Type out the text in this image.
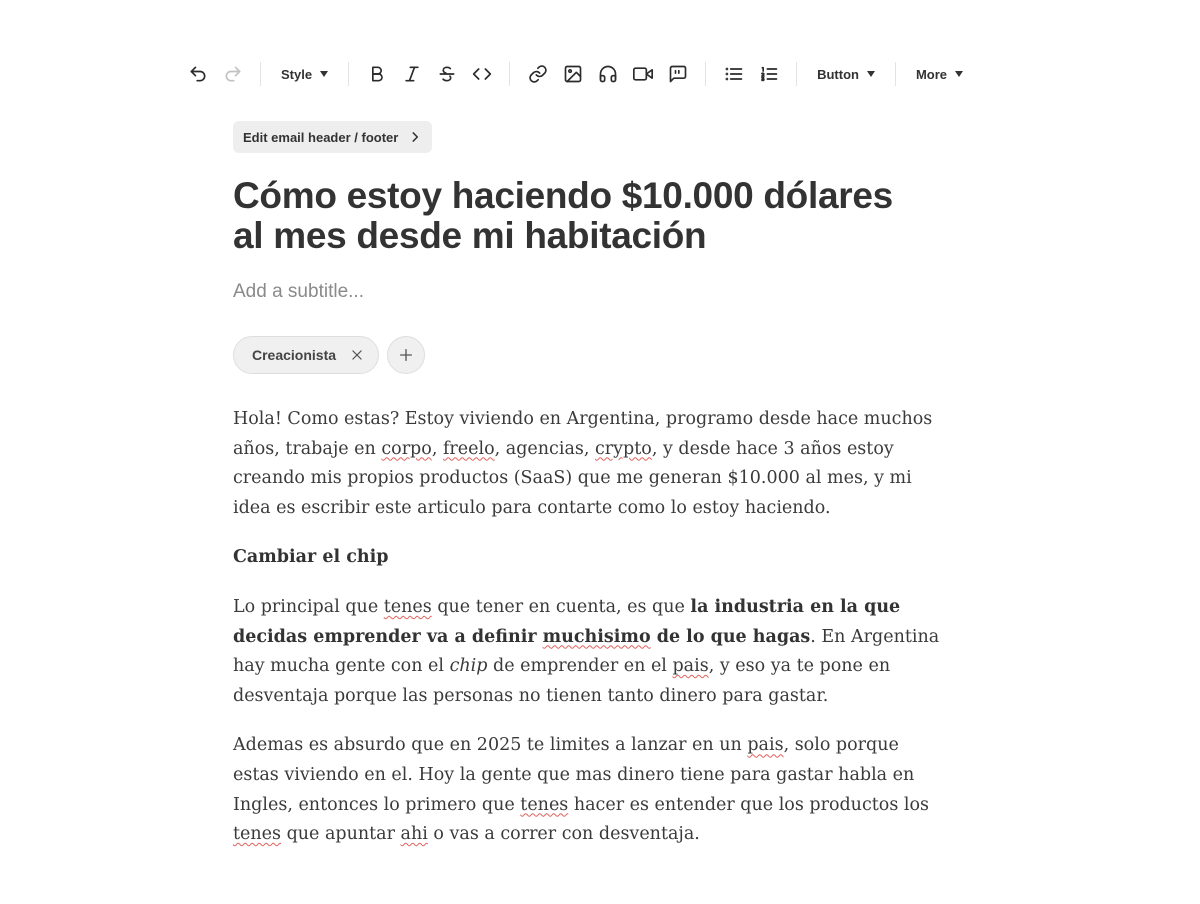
Style	Button	More
Edit email header / footer
Cómo estoy haciendo $10.000 dólares al mes desde mi habitación
Add a subtitle...
Creacionista

Hola! Como estas? Estoy viviendo en Argentina, programo desde hace muchos años, trabaje en corpo, freelo, agencias, crypto, y desde hace 3 años estoy creando mis propios productos (SaaS) que me generan $10.000 al mes, y mi idea es escribir este articulo para contarte como lo estoy haciendo.

Cambiar el chip

Lo principal que tenes que tener en cuenta, es que la industria en la que decidas emprender va a definir muchisimo de lo que hagas. En Argentina hay mucha gente con el chip de emprender en el pais, y eso ya te pone en desventaja porque las personas no tienen tanto dinero para gastar.

Ademas es absurdo que en 2025 te limites a lanzar en un pais, solo porque estas viviendo en el. Hoy la gente que mas dinero tiene para gastar habla en Ingles, entonces lo primero que tenes hacer es entender que los productos los tenes que apuntar ahi o vas a correr con desventaja.
